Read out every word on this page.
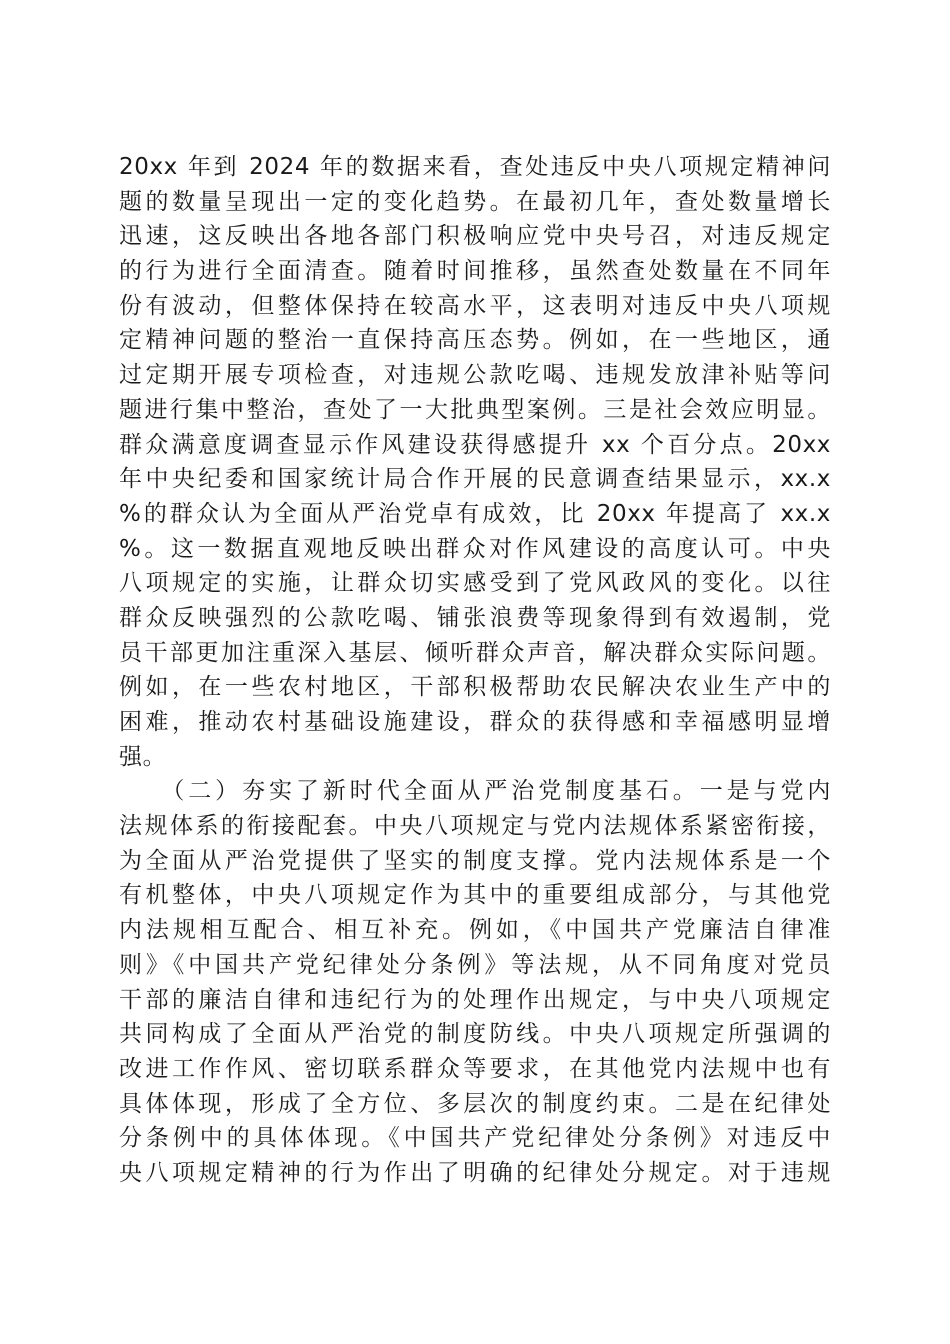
20xx 年到 2024 年的数据来看，查处违反中央八项规定精神问
题的数量呈现出一定的变化趋势。在最初几年，查处数量增长
迅速，这反映出各地各部门积极响应党中央号召，对违反规定
的行为进行全面清查。随着时间推移，虽然查处数量在不同年
份有波动，但整体保持在较高水平，这表明对违反中央八项规
定精神问题的整治一直保持高压态势。例如，在一些地区，通
过定期开展专项检查，对违规公款吃喝、违规发放津补贴等问
题进行集中整治，查处了一大批典型案例。三是社会效应明显。
群众满意度调查显示作风建设获得感提升 xx 个百分点。20xx
年中央纪委和国家统计局合作开展的民意调查结果显示，xx.x
%的群众认为全面从严治党卓有成效，比 20xx 年提高了 xx.x
%。这一数据直观地反映出群众对作风建设的高度认可。中央
八项规定的实施，让群众切实感受到了党风政风的变化。以往
群众反映强烈的公款吃喝、铺张浪费等现象得到有效遏制，党
员干部更加注重深入基层、倾听群众声音，解决群众实际问题。
例如，在一些农村地区，干部积极帮助农民解决农业生产中的
困难，推动农村基础设施建设，群众的获得感和幸福感明显增
强。
　　（二）夯实了新时代全面从严治党制度基石。一是与党内
法规体系的衔接配套。中央八项规定与党内法规体系紧密衔接，
为全面从严治党提供了坚实的制度支撑。党内法规体系是一个
有机整体，中央八项规定作为其中的重要组成部分，与其他党
内法规相互配合、相互补充。例如，《中国共产党廉洁自律准
则》《中国共产党纪律处分条例》等法规，从不同角度对党员
干部的廉洁自律和违纪行为的处理作出规定，与中央八项规定
共同构成了全面从严治党的制度防线。中央八项规定所强调的
改进工作作风、密切联系群众等要求，在其他党内法规中也有
具体体现，形成了全方位、多层次的制度约束。二是在纪律处
分条例中的具体体现。《中国共产党纪律处分条例》对违反中
央八项规定精神的行为作出了明确的纪律处分规定。对于违规
